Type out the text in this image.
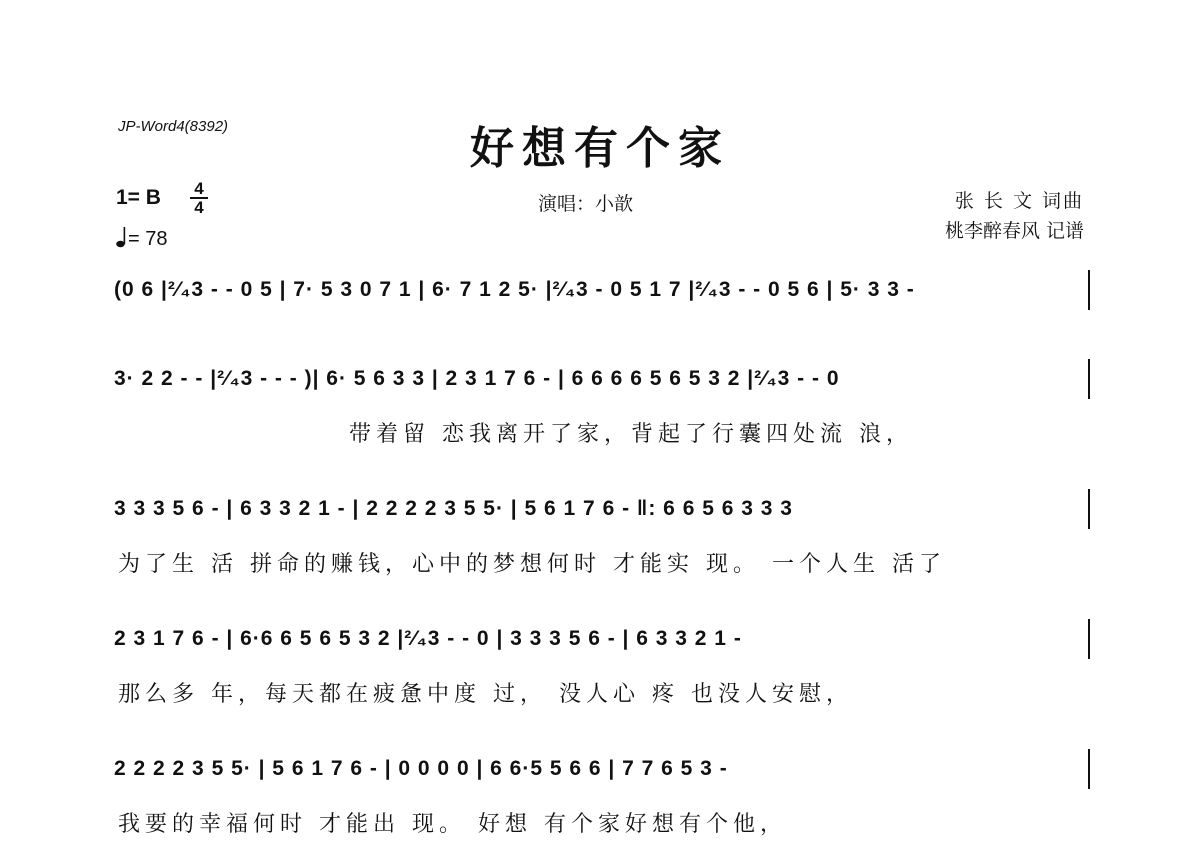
JP-Word4(8392)	好想有个家
1= B	4
4
= 78
演唱：小歆	张 长 文 词曲
桃李醉春风 记谱
(0 6 |²⁄₄3 - - 0 5 | 7· 5 3 0 7 1 | 6· 7 1 2 5· |²⁄₄3 - 0 5 1 7 |²⁄₄3 - - 0 5 6 | 5· 3 3 -
3· 2 2 - - |²⁄₄3 - - - )| 6· 5 6 3 3 | 2 3 1 7 6 - | 6 6 6 6 5 6 5 3 2 |²⁄₄3 - - 0
带着留 恋我离开了家，背起了行囊四处流 浪，
3 3 3 5 6 - | 6 3 3 2 1 - | 2 2 2 2 3 5 5· | 5 6 1 7 6 - ‖: 6 6 5 6 3 3 3
为了生 活 拼命的赚钱，心中的梦想何时 才能实 现。 一个人生 活了
2 3 1 7 6 - | 6·6 6 5 6 5 3 2 |²⁄₄3 - - 0 | 3 3 3 5 6 - | 6 3 3 2 1 -
那么多 年，每天都在疲惫中度 过， 没人心 疼 也没人安慰，
2 2 2 2 3 5 5· | 5 6 1 7 6 - | 0 0 0 0 | 6 6·5 5 6 6 | 7 7 6 5 3 -
我要的幸福何时 才能出 现。 好想 有个家好想有个他，
